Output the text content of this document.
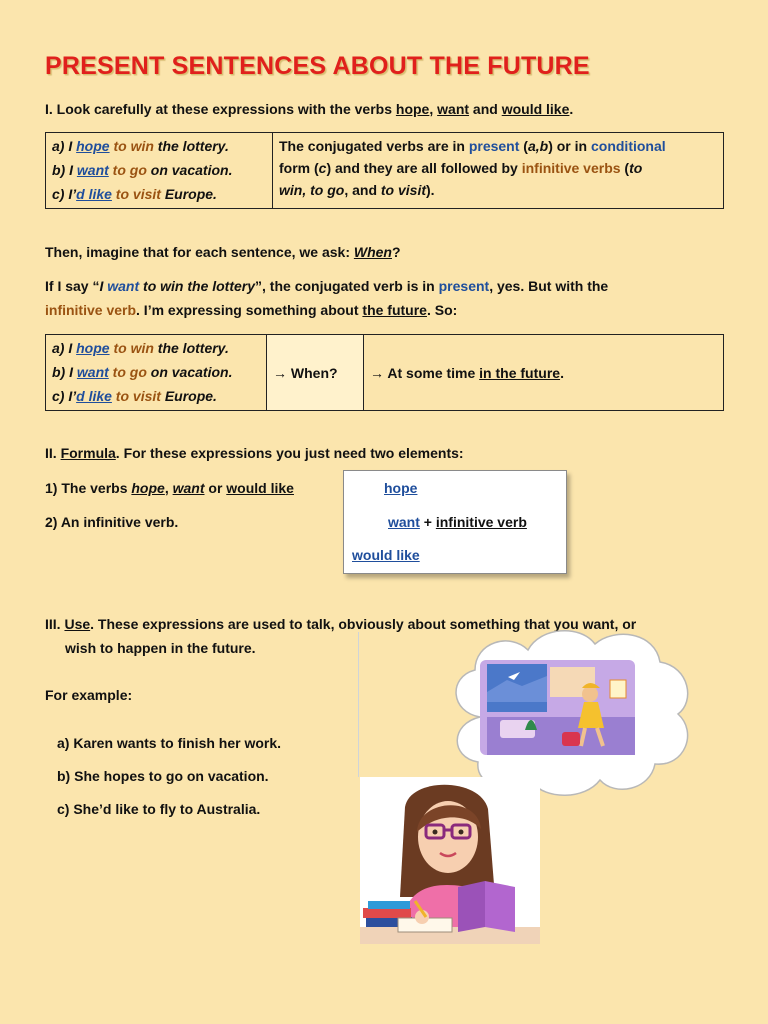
PRESENT SENTENCES ABOUT THE FUTURE
I. Look carefully at these expressions with the verbs hope, want and would like.
a) I hope to win the lottery.
b) I want to go on vacation.
c) I’d like to visit Europe.

The conjugated verbs are in present (a,b) or in conditional
form (c) and they are all followed by infinitive verbs (to
win, to go, and to visit).
Then, imagine that for each sentence, we ask: When?
If I say “I want to win the lottery”, the conjugated verb is in present, yes. But with the
infinitive verb. I’m expressing something about the future. So:
a) I hope to win the lottery.
b) I want to go on vacation.
c) I’d like to visit Europe.
	→ When?	→ At some time in the future.
II. Formula. For these expressions you just need two elements:
1) The verbs hope, want or would like
2) An infinitive verb.
hope
want + infinitive verb
would like
III. Use. These expressions are used to talk, obviously about something that you want, or
wish to happen in the future.
For example:
a) Karen wants to finish her work.
b) She hopes to go on vacation.
c) She’d like to fly to Australia.
